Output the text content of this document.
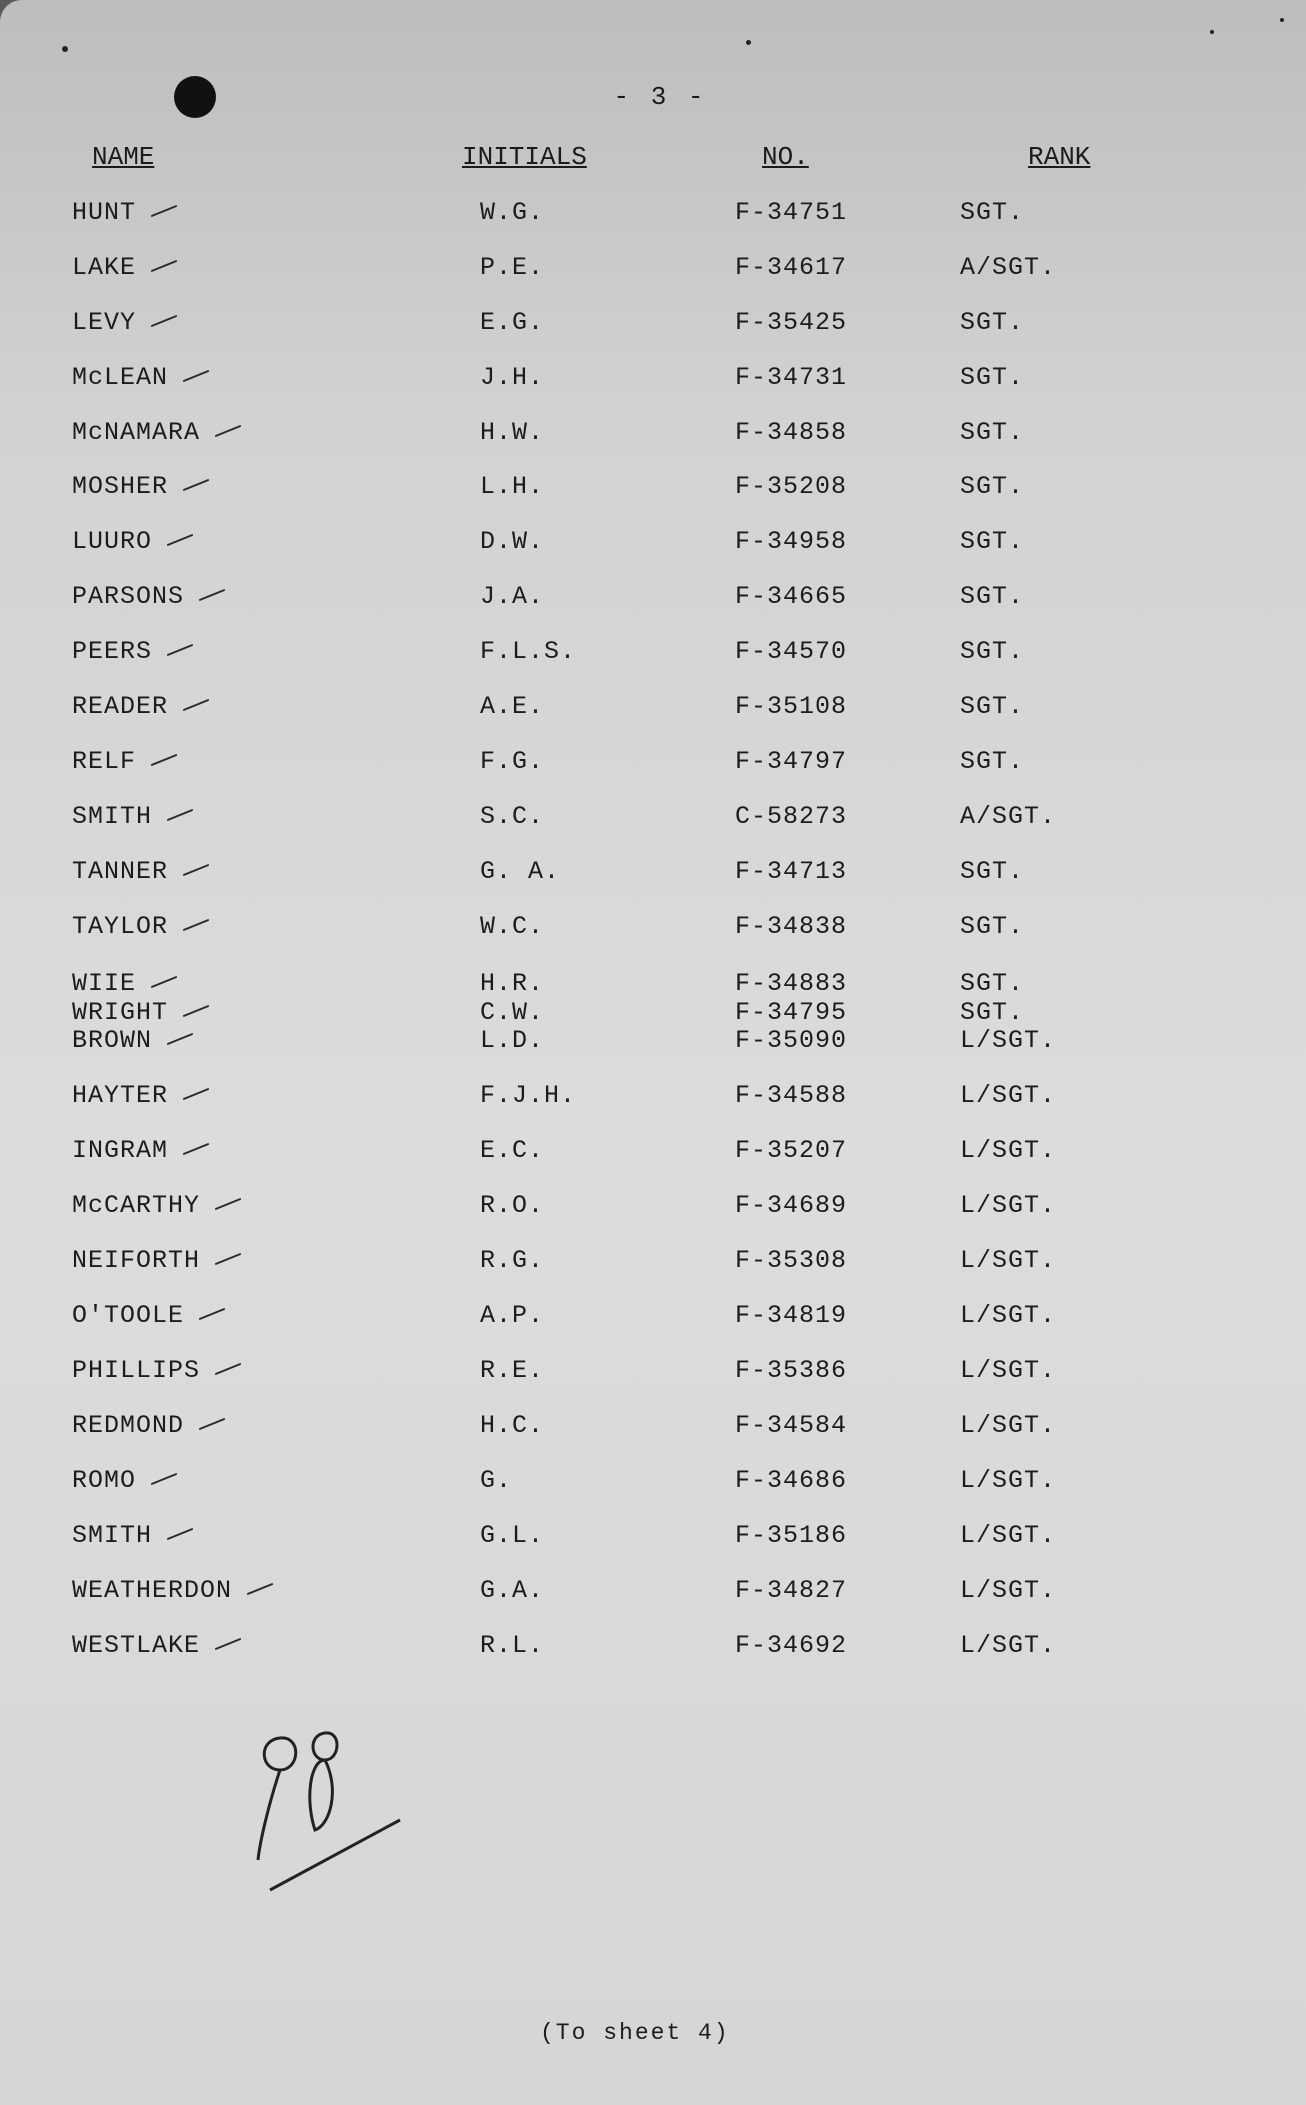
- 3 -
NAME	INITIALS	NO.	RANK
HUNT	W.G.	F-34751	SGT.
LAKE	P.E.	F-34617	A/SGT.
LEVY	E.G.	F-35425	SGT.
McLEAN	J.H.	F-34731	SGT.
McNAMARA	H.W.	F-34858	SGT.
MOSHER	L.H.	F-35208	SGT.
LUURO	D.W.	F-34958	SGT.
PARSONS	J.A.	F-34665	SGT.
PEERS	F.L.S.	F-34570	SGT.
READER	A.E.	F-35108	SGT.
RELF	F.G.	F-34797	SGT.
SMITH	S.C.	C-58273	A/SGT.
TANNER	G. A.	F-34713	SGT.
TAYLOR	W.C.	F-34838	SGT.
WIIE	H.R.	F-34883	SGT.
WRIGHT	C.W.	F-34795	SGT.
BROWN	L.D.	F-35090	L/SGT.
HAYTER	F.J.H.	F-34588	L/SGT.
INGRAM	E.C.	F-35207	L/SGT.
McCARTHY	R.O.	F-34689	L/SGT.
NEIFORTH	R.G.	F-35308	L/SGT.
O'TOOLE	A.P.	F-34819	L/SGT.
PHILLIPS	R.E.	F-35386	L/SGT.
REDMOND	H.C.	F-34584	L/SGT.
ROMO	G.	F-34686	L/SGT.
SMITH	G.L.	F-35186	L/SGT.
WEATHERDON	G.A.	F-34827	L/SGT.
WESTLAKE	R.L.	F-34692	L/SGT.
(To sheet 4)
